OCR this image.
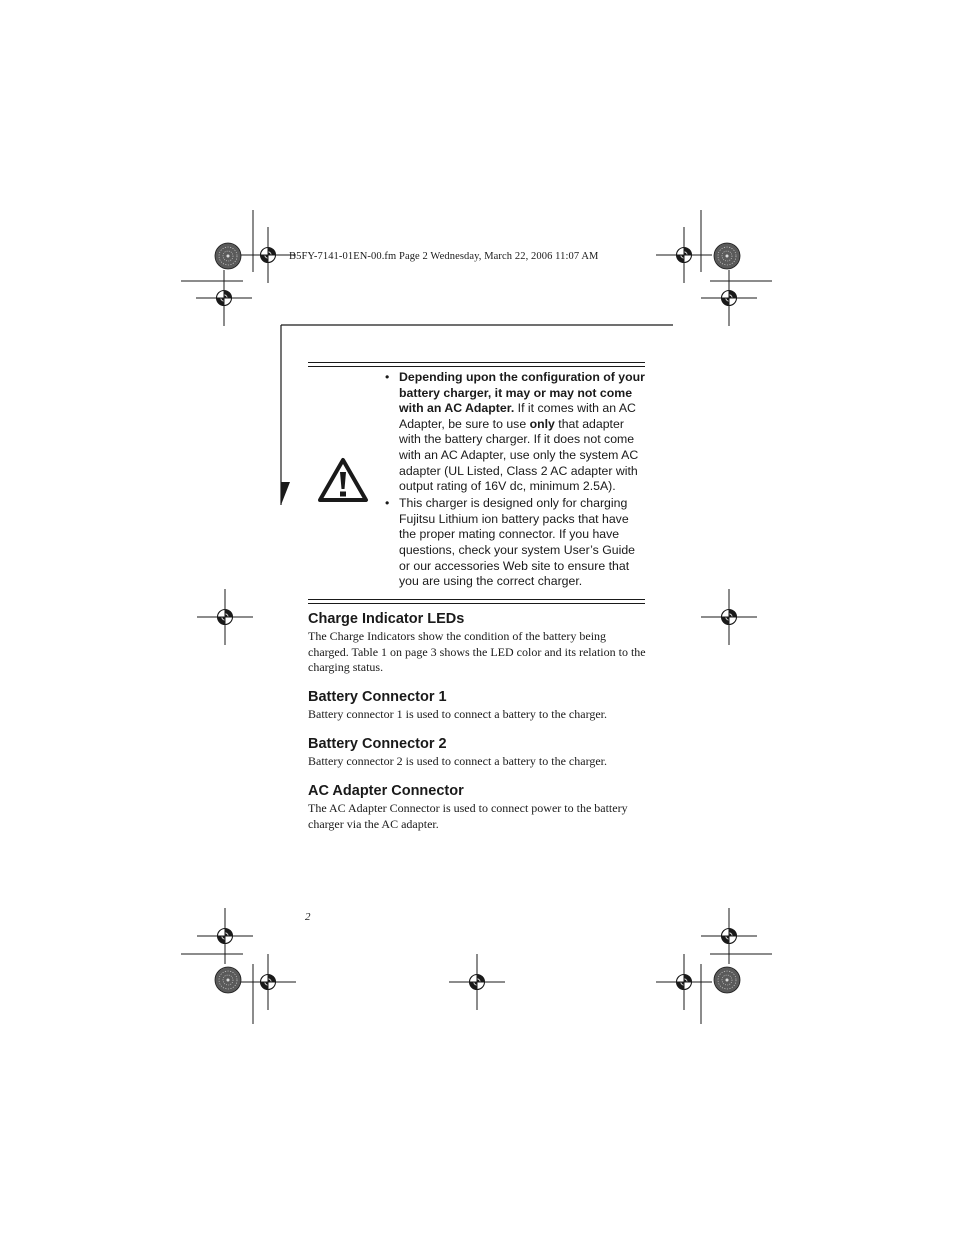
B5FY-7141-01EN-00.fm Page 2 Wednesday, March 22, 2006 11:07 AM
• Depending upon the configuration of your battery charger, it may or may not come with an AC Adapter. If it comes with an AC Adapter, be sure to use only that adapter with the battery charger. If it does not come with an AC Adapter, use only the system AC adapter (UL Listed, Class 2 AC adapter with output rating of 16V dc, minimum 2.5A).
• This charger is designed only for charging Fujitsu Lithium ion battery packs that have the proper mating connector. If you have questions, check your system User’s Guide or our accessories Web site to ensure that you are using the correct charger.
Charge Indicator LEDs

The Charge Indicators show the condition of the battery being charged. Table 1 on page 3 shows the LED color and its relation to the charging status.

Battery Connector 1

Battery connector 1 is used to connect a battery to the charger.

Battery Connector 2

Battery connector 2 is used to connect a battery to the charger.

AC Adapter Connector

The AC Adapter Connector is used to connect power to the battery charger via the AC adapter.

2
